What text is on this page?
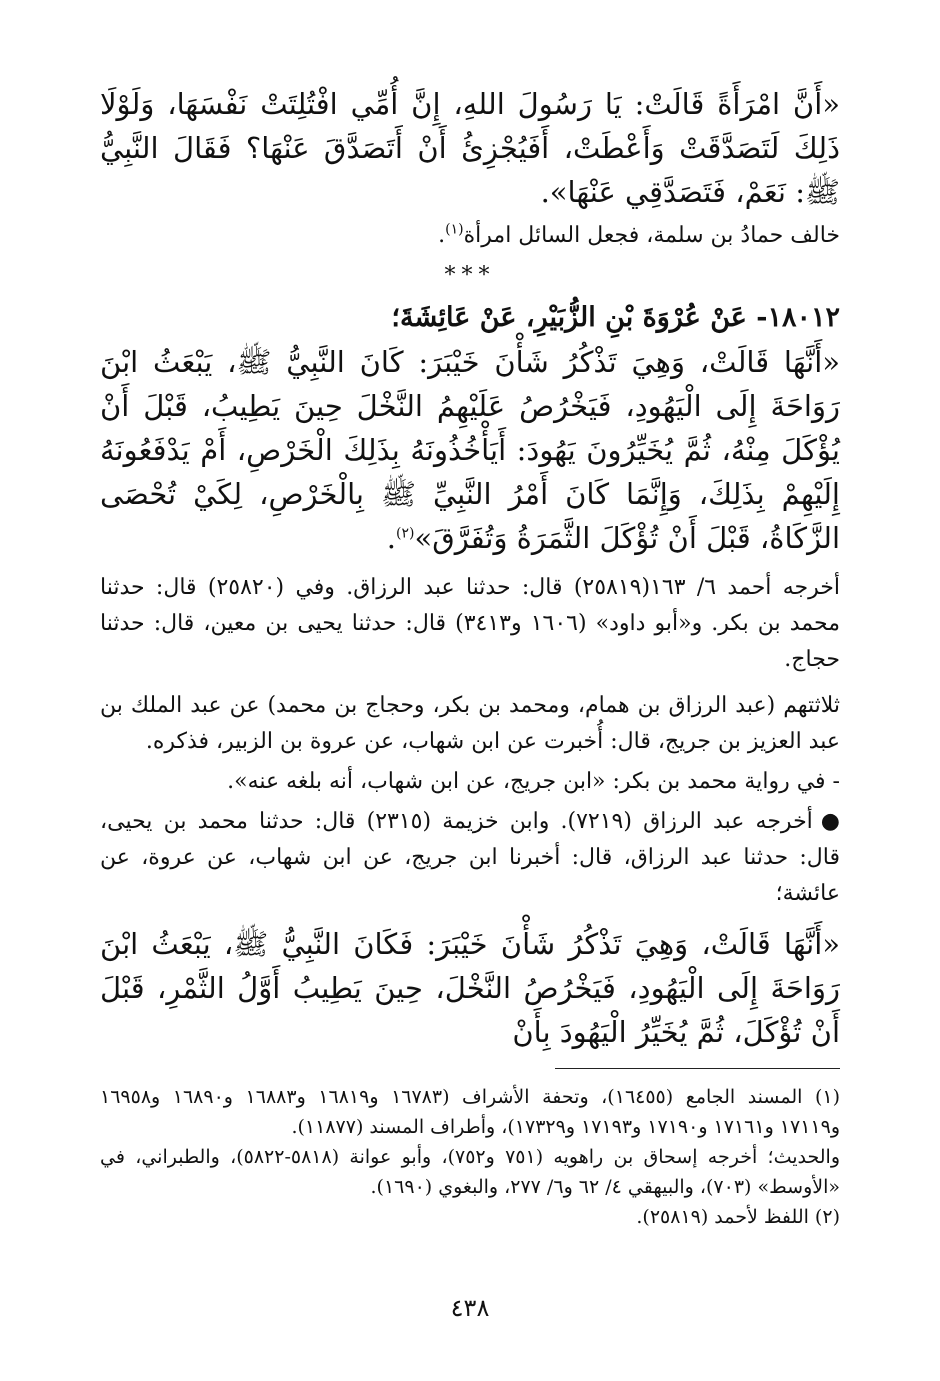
«أَنَّ امْرَأَةً قَالَتْ: يَا رَسُولَ اللهِ، إِنَّ أُمِّي افْتُلِتَتْ نَفْسَهَا، وَلَوْلَا ذَلِكَ لَتَصَدَّقَتْ وَأَعْطَتْ، أَفَيُجْزِئُ أَنْ أَتَصَدَّقَ عَنْهَا؟ فَقَالَ النَّبِيُّ ﷺ: نَعَمْ، فَتَصَدَّقِي عَنْهَا».

خالف حمادُ بن سلمة، فجعل السائل امرأة$^{(١)}$.

***

١٨٠١٢- عَنْ عُرْوَةَ بْنِ الزُّبَيْرِ، عَنْ عَائِشَةَ؛

«أَنَّهَا قَالَتْ، وَهِيَ تَذْكُرُ شَأْنَ خَيْبَرَ: كَانَ النَّبِيُّ ﷺ، يَبْعَثُ ابْنَ رَوَاحَةَ إِلَى الْيَهُودِ، فَيَخْرُصُ عَلَيْهِمُ النَّخْلَ حِينَ يَطِيبُ، قَبْلَ أَنْ يُؤْكَلَ مِنْهُ، ثُمَّ يُخَيِّرُونَ يَهُودَ: أَيَأْخُذُونَهُ بِذَلِكَ الْخَرْصِ، أَمْ يَدْفَعُونَهُ إِلَيْهِمْ بِذَلِكَ، وَإِنَّمَا كَانَ أَمْرُ النَّبِيِّ ﷺ بِالْخَرْصِ، لِكَيْ تُحْصَى الزَّكَاةُ، قَبْلَ أَنْ تُؤْكَلَ الثَّمَرَةُ وَتُفَرَّقَ»$^{(٢)}$.

أخرجه أحمد ٦/ ١٦٣(٢٥٨١٩) قال: حدثنا عبد الرزاق. وفي (٢٥٨٢٠) قال: حدثنا محمد بن بكر. و«أبو داود» (١٦٠٦ و٣٤١٣) قال: حدثنا يحيى بن معين، قال: حدثنا حجاج.

ثلاثتهم (عبد الرزاق بن همام، ومحمد بن بكر، وحجاج بن محمد) عن عبد الملك بن عبد العزيز بن جريج، قال: أُخبرت عن ابن شهاب، عن عروة بن الزبير، فذكره.

- في رواية محمد بن بكر: «ابن جريج، عن ابن شهاب، أنه بلغه عنه».

●أخرجه عبد الرزاق (٧٢١٩). وابن خزيمة (٢٣١٥) قال: حدثنا محمد بن يحيى، قال: حدثنا عبد الرزاق، قال: أخبرنا ابن جريج، عن ابن شهاب، عن عروة، عن عائشة؛

«أَنَّهَا قَالَتْ، وَهِيَ تَذْكُرُ شَأْنَ خَيْبَرَ: فَكَانَ النَّبِيُّ ﷺ، يَبْعَثُ ابْنَ رَوَاحَةَ إِلَى الْيَهُودِ، فَيَخْرُصُ النَّخْلَ، حِينَ يَطِيبُ أَوَّلُ الثَّمْرِ، قَبْلَ أَنْ تُؤْكَلَ، ثُمَّ يُخَيِّرُ الْيَهُودَ بِأَنْ

(١) المسند الجامع (١٦٤٥٥)، وتحفة الأشراف (١٦٧٨٣ و١٦٨١٩ و١٦٨٨٣ و١٦٨٩٠ و١٦٩٥٨ و١٧١١٩ و١٧١٦١ و١٧١٩٠ و١٧١٩٣ و١٧٣٢٩)، وأطراف المسند (١١٨٧٧).

والحديث؛ أخرجه إسحاق بن راهويه (٧٥١ و٧٥٢)، وأبو عوانة (٥٨١٨-٥٨٢٢)، والطبراني، في «الأوسط» (٧٠٣)، والبيهقي ٤/ ٦٢ و٦/ ٢٧٧، والبغوي (١٦٩٠).

(٢) اللفظ لأحمد (٢٥٨١٩).

٤٣٨
